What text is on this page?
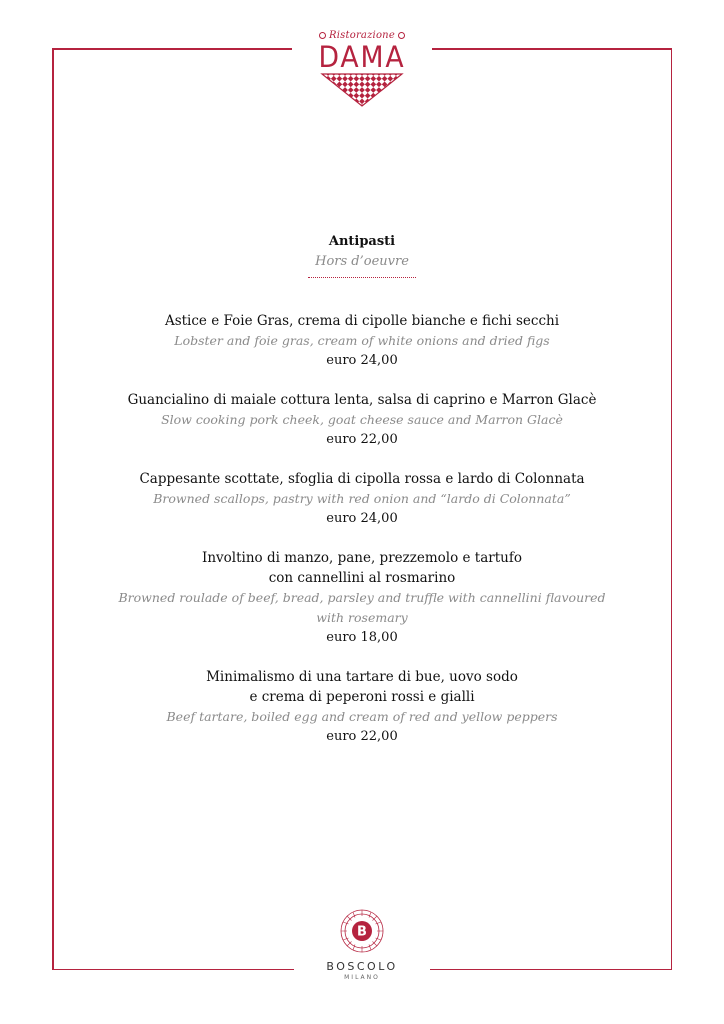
Ristorazione
DAMA
Antipasti
Hors d’oeuvre
Astice e Foie Gras, crema di cipolle bianche e fichi secchi
Lobster and foie gras, cream of white onions and dried figs
euro 24,00
Guancialino di maiale cottura lenta, salsa di caprino e Marron Glacè
Slow cooking pork cheek, goat cheese sauce and Marron Glacè
euro 22,00
Cappesante scottate, sfoglia di cipolla rossa e lardo di Colonnata
Browned scallops, pastry with red onion and “lardo di Colonnata”
euro 24,00
Involtino di manzo, pane, prezzemolo e tartufo
con cannellini al rosmarino
Browned roulade of beef, bread, parsley and truffle with cannellini flavoured
with rosemary
euro 18,00
Minimalismo di una tartare di bue, uovo sodo
e crema di peperoni rossi e gialli
Beef tartare, boiled egg and cream of red and yellow peppers
euro 22,00
B
BOSCOLO
MILANO
